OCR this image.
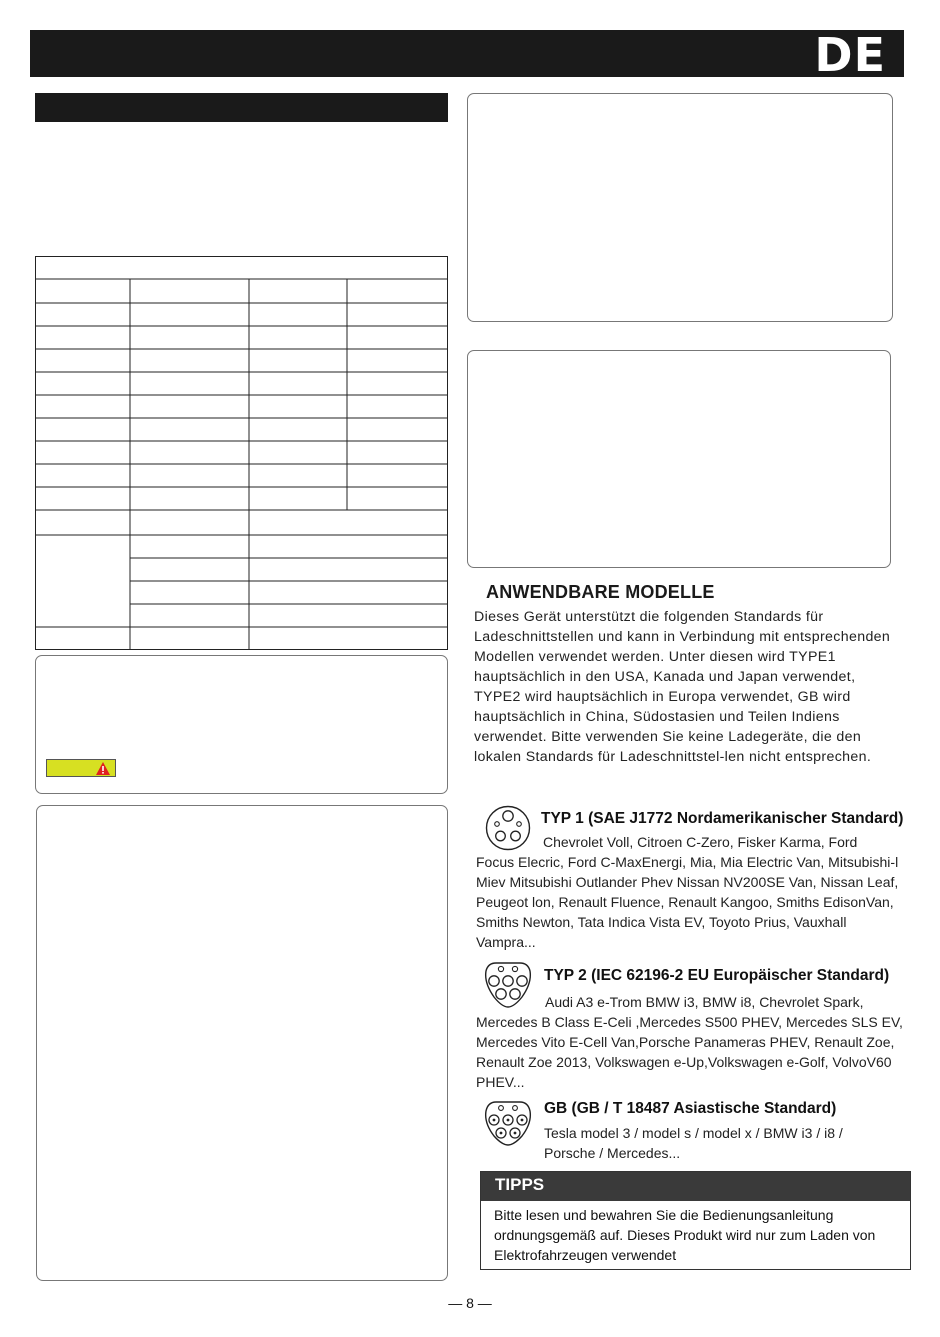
DE
ANWENDBARE MODELLE
Dieses Gerät unterstützt die folgenden Standards für Ladeschnittstellen und kann in Verbindung mit entsprechenden Modellen verwendet werden. Unter diesen wird TYPE1 hauptsächlich in den USA, Kanada und Japan verwendet, TYPE2 wird hauptsächlich in Europa verwendet, GB wird hauptsächlich in China, Südostasien und Teilen Indiens verwendet. Bitte verwenden Sie keine Ladegeräte, die den lokalen Standards für Ladeschnittstel-len nicht entsprechen.
TYP 1 (SAE J1772 Nordamerikanischer Standard)
Chevrolet Voll, Citroen C-Zero, Fisker Karma, Ford
Focus Elecric, Ford C-MaxEnergi, Mia, Mia Electric Van, Mitsubishi-l Miev Mitsubishi Outlander Phev Nissan NV200SE Van, Nissan Leaf, Peugeot lon, Renault Fluence, Renault Kangoo, Smiths EdisonVan, Smiths Newton, Tata Indica Vista EV, Toyoto Prius, Vauxhall Vampra...
TYP 2 (IEC 62196-2 EU Europäischer Standard)
Audi A3 e-Trom BMW i3, BMW i8, Chevrolet Spark,
Mercedes B Class E-Celi ,Mercedes S500 PHEV, Mercedes SLS EV, Mercedes Vito E-Cell Van,Porsche Panameras PHEV, Renault Zoe, Renault Zoe 2013, Volkswagen e-Up,Volkswagen e-Golf, VolvoV60 PHEV...
GB (GB / T 18487 Asiastische Standard)
Tesla model 3 / model s / model x / BMW i3 / i8 /
Porsche / Mercedes...
TIPPS
Bitte lesen und bewahren Sie die Bedienungsanleitung ordnungsgemäß auf. Dieses Produkt wird nur zum Laden von Elektrofahrzeugen verwendet
— 8 —
